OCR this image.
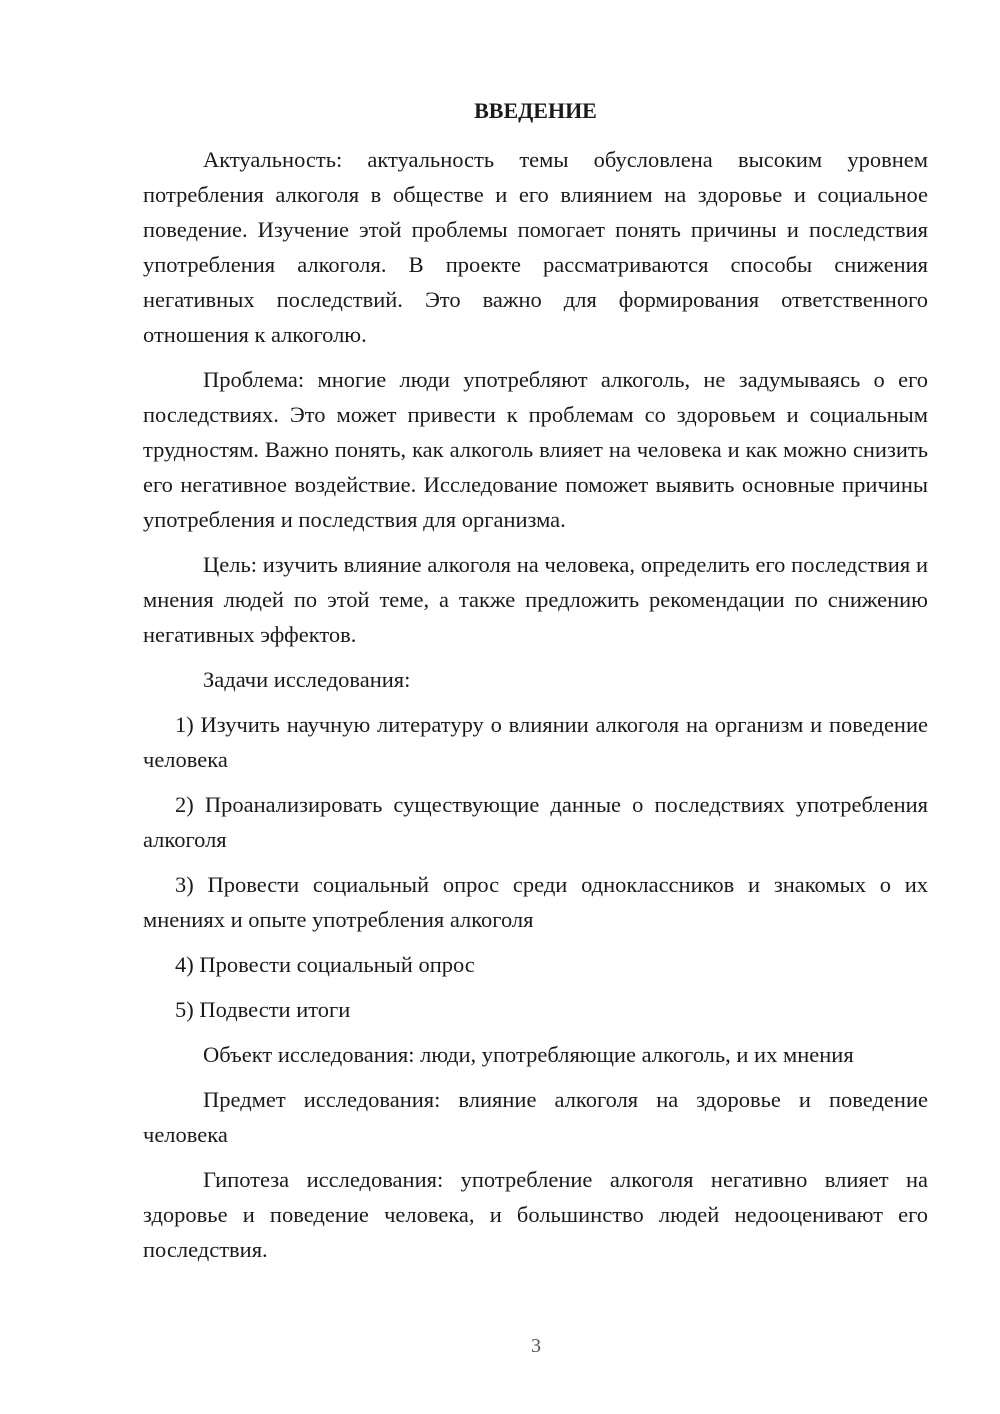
ВВЕДЕНИЕ

Актуальность: актуальность темы обусловлена высоким уровнем потребления алкоголя в обществе и его влиянием на здоровье и социальное поведение. Изучение этой проблемы помогает понять причины и последствия употребления алкоголя. В проекте рассматриваются способы снижения негативных последствий. Это важно для формирования ответственного отношения к алкоголю.

Проблема: многие люди употребляют алкоголь, не задумываясь о его последствиях. Это может привести к проблемам со здоровьем и социальным трудностям. Важно понять, как алкоголь влияет на человека и как можно снизить его негативное воздействие. Исследование поможет выявить основные причины употребления и последствия для организма.

Цель: изучить влияние алкоголя на человека, определить его последствия и мнения людей по этой теме, а также предложить рекомендации по снижению негативных эффектов.

Задачи исследования:

1) Изучить научную литературу о влиянии алкоголя на организм и поведение человека

2) Проанализировать существующие данные о последствиях употребления алкоголя

3) Провести социальный опрос среди одноклассников и знакомых о их мнениях и опыте употребления алкоголя

4) Провести социальный опрос

5) Подвести итоги

Объект исследования: люди, употребляющие алкоголь, и их мнения

Предмет исследования: влияние алкоголя на здоровье и поведение человека

Гипотеза исследования: употребление алкоголя негативно влияет на здоровье и поведение человека, и большинство людей недооценивают его последствия.

3
